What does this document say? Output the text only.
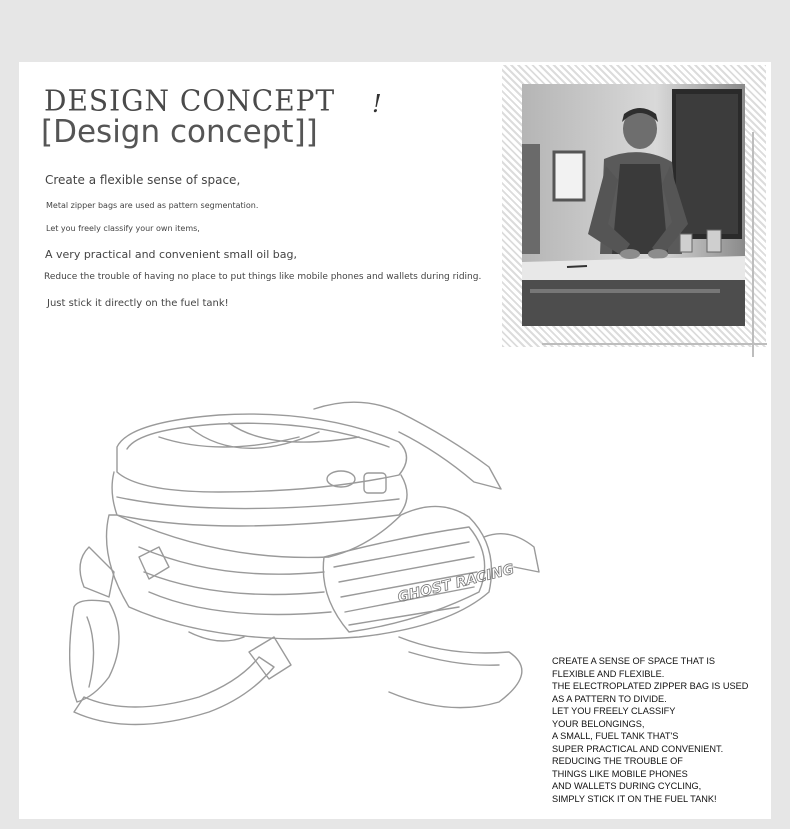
DESIGN CONCEPT !
[Design concept]]
Create a flexible sense of space,
Metal zipper bags are used as pattern segmentation.
Let you freely classify your own items,
A very practical and convenient small oil bag,
Reduce the trouble of having no place to put things like mobile phones and wallets during riding.
Just stick it directly on the fuel tank!
GHOST RACING
CREATE A SENSE OF SPACE THAT IS
FLEXIBLE AND FLEXIBLE.
THE ELECTROPLATED ZIPPER BAG IS USED
AS A PATTERN TO DIVIDE.
LET YOU FREELY CLASSIFY
YOUR BELONGINGS,
A SMALL, FUEL TANK THAT'S
SUPER PRACTICAL AND CONVENIENT.
REDUCING THE TROUBLE OF
THINGS LIKE MOBILE PHONES
AND WALLETS DURING CYCLING,
SIMPLY STICK IT ON THE FUEL TANK!
